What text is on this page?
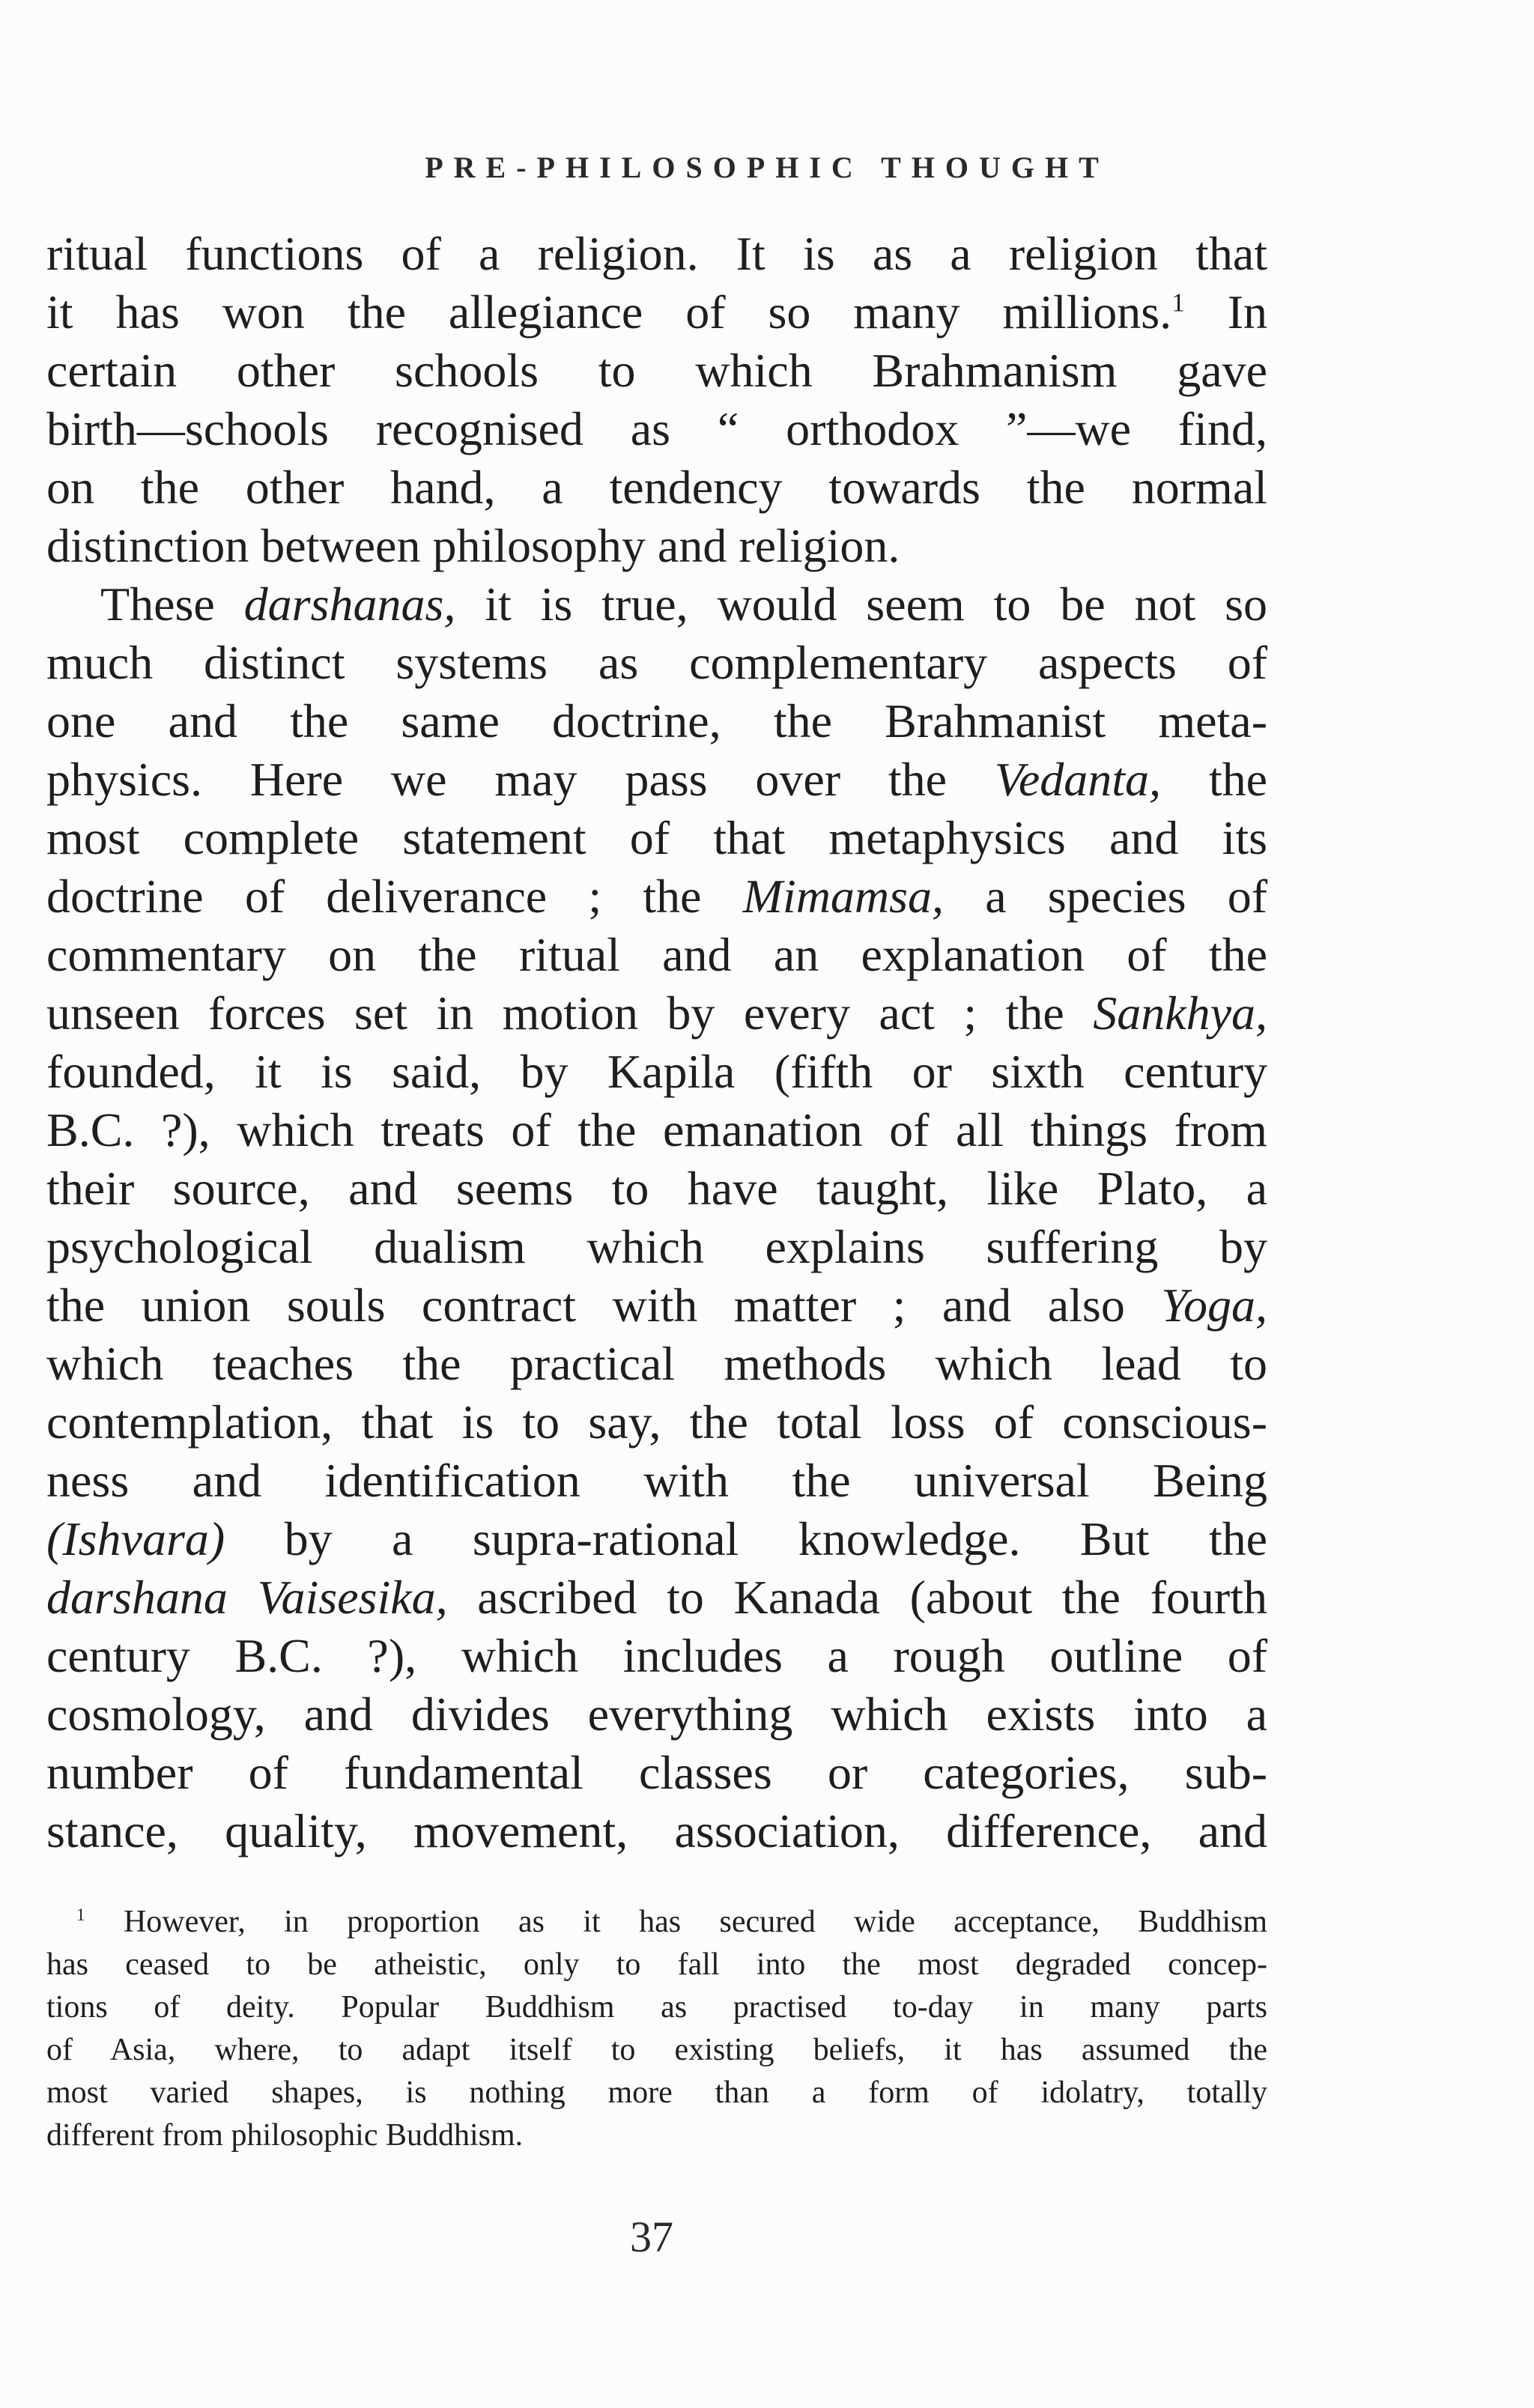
PRE-PHILOSOPHIC THOUGHT
ritual functions of a religion. It is as a religion that
it has won the allegiance of so many millions.$^1$ In
certain other schools to which Brahmanism gave
birth—schools recognised as “ orthodox ”—we find,
on the other hand, a tendency towards the normal
distinction between philosophy and religion.
These darshanas, it is true, would seem to be not so
much distinct systems as complementary aspects of
one and the same doctrine, the Brahmanist meta-
physics. Here we may pass over the Vedanta, the
most complete statement of that metaphysics and its
doctrine of deliverance ; the Mimamsa, a species of
commentary on the ritual and an explanation of the
unseen forces set in motion by every act ; the Sankhya,
founded, it is said, by Kapila (fifth or sixth century
B.C. ?), which treats of the emanation of all things from
their source, and seems to have taught, like Plato, a
psychological dualism which explains suffering by
the union souls contract with matter ; and also Yoga,
which teaches the practical methods which lead to
contemplation, that is to say, the total loss of conscious-
ness and identification with the universal Being
(Ishvara) by a supra-rational knowledge. But the
darshana Vaisesika, ascribed to Kanada (about the fourth
century B.C. ?), which includes a rough outline of
cosmology, and divides everything which exists into a
number of fundamental classes or categories, sub-
stance, quality, movement, association, difference, and
$^1$ However, in proportion as it has secured wide acceptance, Buddhism
has ceased to be atheistic, only to fall into the most degraded concep-
tions of deity. Popular Buddhism as practised to-day in many parts
of Asia, where, to adapt itself to existing beliefs, it has assumed the
most varied shapes, is nothing more than a form of idolatry, totally
different from philosophic Buddhism.
37
